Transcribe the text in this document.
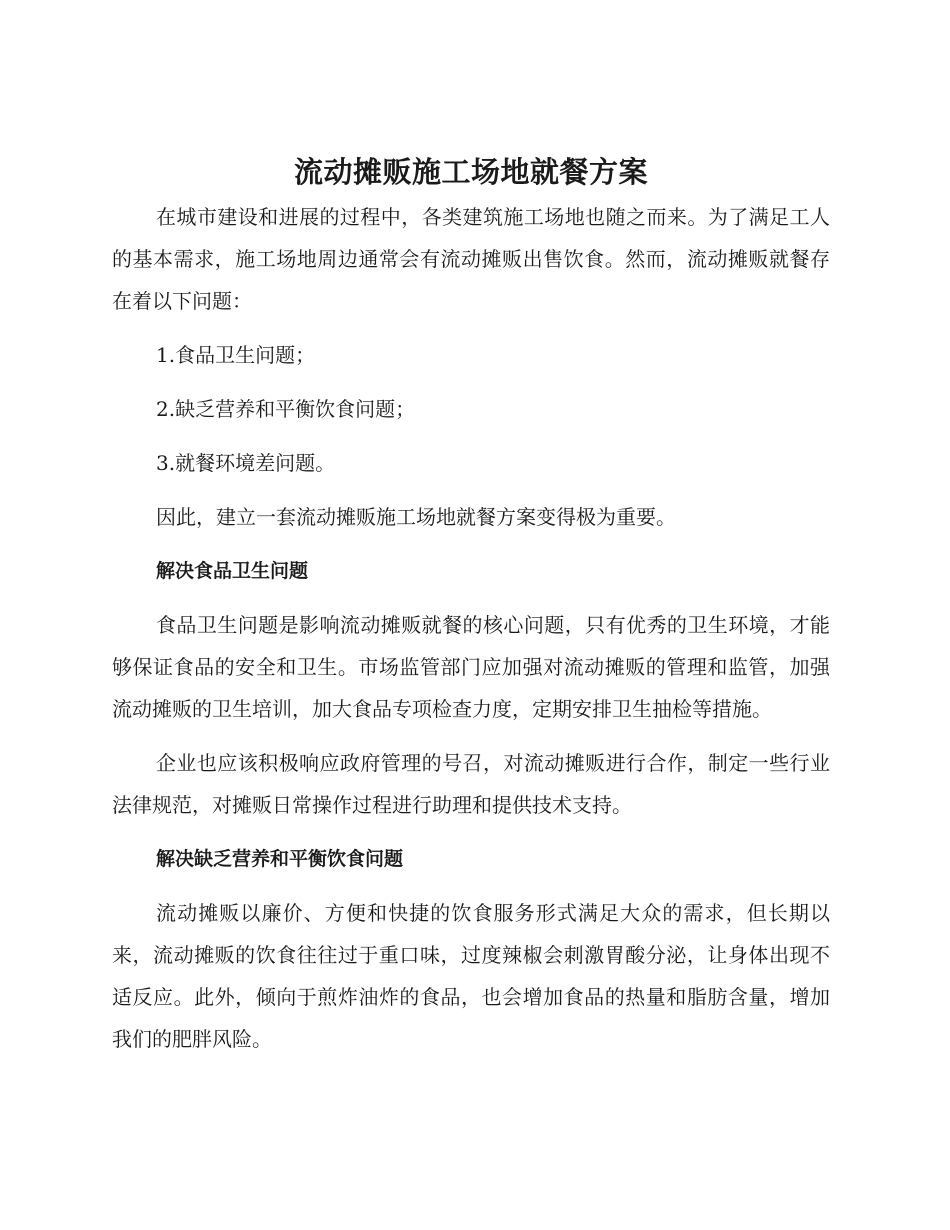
流动摊贩施工场地就餐方案

在城市建设和进展的过程中，各类建筑施工场地也随之而来。为了满足工人的基本需求，施工场地周边通常会有流动摊贩出售饮食。然而，流动摊贩就餐存在着以下问题：

1.食品卫生问题；

2.缺乏营养和平衡饮食问题；

3.就餐环境差问题。

因此，建立一套流动摊贩施工场地就餐方案变得极为重要。

解决食品卫生问题

食品卫生问题是影响流动摊贩就餐的核心问题，只有优秀的卫生环境，才能够保证食品的安全和卫生。市场监管部门应加强对流动摊贩的管理和监管，加强流动摊贩的卫生培训，加大食品专项检查力度，定期安排卫生抽检等措施。

企业也应该积极响应政府管理的号召，对流动摊贩进行合作，制定一些行业法律规范，对摊贩日常操作过程进行助理和提供技术支持。

解决缺乏营养和平衡饮食问题

流动摊贩以廉价、方便和快捷的饮食服务形式满足大众的需求，但长期以来，流动摊贩的饮食往往过于重口味，过度辣椒会刺激胃酸分泌，让身体出现不适反应。此外，倾向于煎炸油炸的食品，也会增加食品的热量和脂肪含量，增加我们的肥胖风险。
